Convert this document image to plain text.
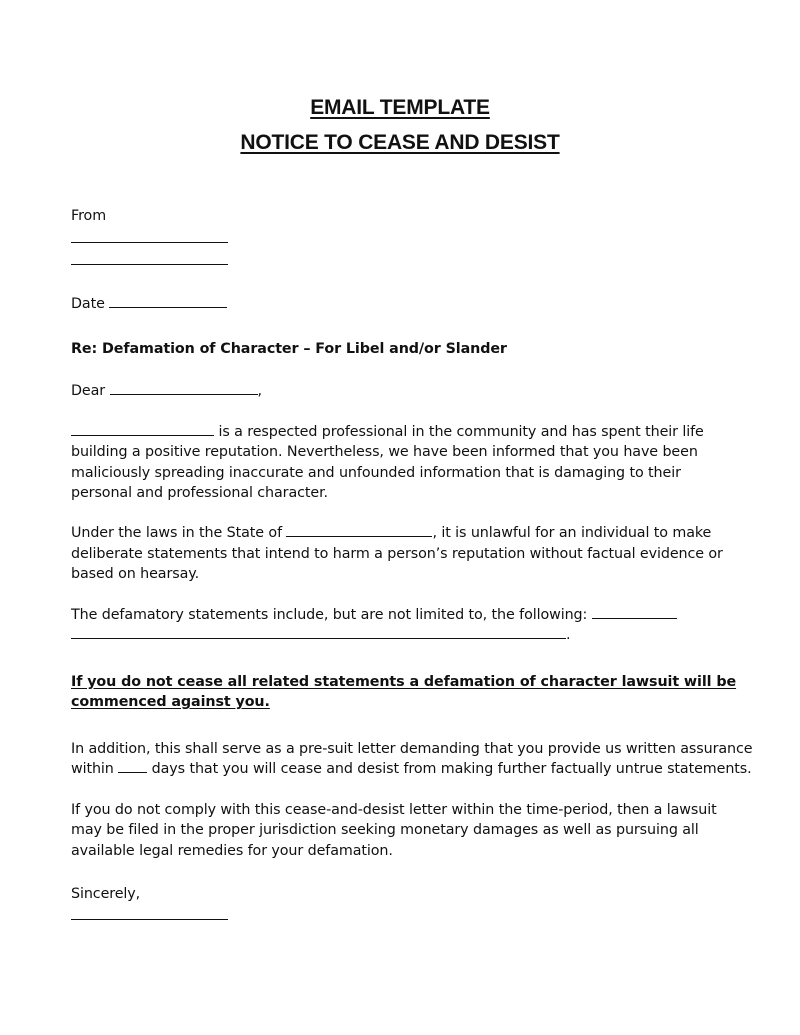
EMAIL TEMPLATE
NOTICE TO CEASE AND DESIST
From
Date
Re: Defamation of Character – For Libel and/or Slander
Dear	,
is a respected professional in the community and has spent their life
building a positive reputation. Nevertheless, we have been informed that you have been
maliciously spreading inaccurate and unfounded information that is damaging to their
personal and professional character.
Under the laws in the State of	, it is unlawful for an individual to make
deliberate statements that intend to harm a person’s reputation without factual evidence or
based on hearsay.
The defamatory statements include, but are not limited to, the following:
.
If you do not cease all related statements a defamation of character lawsuit will be
commenced against you.
In addition, this shall serve as a pre-suit letter demanding that you provide us written assurance
within	days that you will cease and desist from making further factually untrue statements.
If you do not comply with this cease-and-desist letter within the time-period, then a lawsuit
may be filed in the proper jurisdiction seeking monetary damages as well as pursuing all
available legal remedies for your defamation.
Sincerely,
